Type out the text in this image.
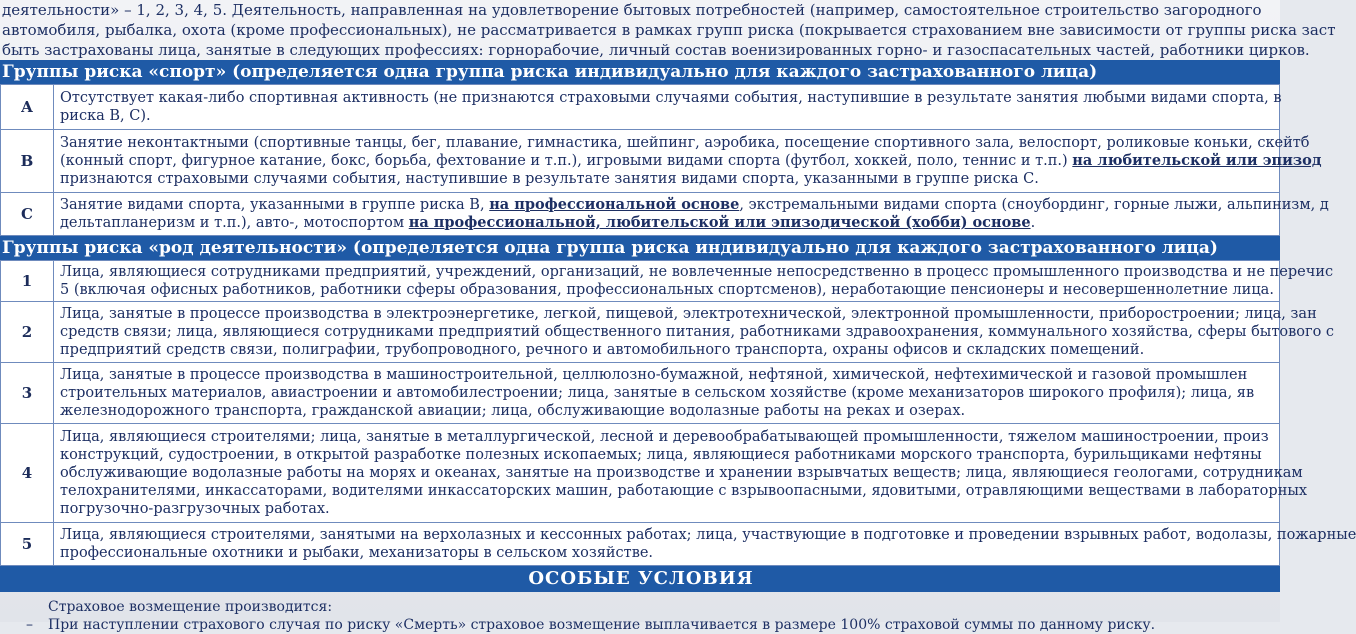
деятельности» – 1, 2, 3, 4, 5. Деятельность, направленная на удовлетворение бытовых потребностей (например, самостоятельное строительство загородного
автомобиля, рыбалка, охота (кроме профессиональных), не рассматривается в рамках групп риска (покрывается страхованием вне зависимости от группы риска заст
быть застрахованы лица, занятые в следующих профессиях: горнорабочие, личный состав военизированных горно- и газоспасательных частей, работники цирков.
Группы риска «спорт» (определяется одна группа риска индивидуально для каждого застрахованного лица)
A	Отсутствует какая-либо спортивная активность (не признаются страховыми случаями события, наступившие в результате занятия любыми видами спорта, в
риска В, С).

B	Занятие неконтактными (спортивные танцы, бег, плавание, гимнастика, шейпинг, аэробика, посещение спортивного зала, велоспорт, роликовые коньки, скейтб
(конный спорт, фигурное катание, бокс, борьба, фехтование и т.п.), игровыми видами спорта (футбол, хоккей, поло, теннис и т.п.) на любительской или эпизод
признаются страховыми случаями события, наступившие в результате занятия видами спорта, указанными в группе риска С.

C	Занятие видами спорта, указанными в группе риска B, на профессиональной основе, экстремальными видами спорта (сноубординг, горные лыжи, альпинизм, д
дельтапланеризм и т.п.), авто-, мотоспортом на профессиональной, любительской или эпизодической (хобби) основе.
Группы риска «род деятельности» (определяется одна группа риска индивидуально для каждого застрахованного лица)
1	Лица, являющиеся сотрудниками предприятий, учреждений, организаций, не вовлеченные непосредственно в процесс промышленного производства и не перечис
5 (включая офисных работников, работники сферы образования, профессиональных спортсменов), неработающие пенсионеры и несовершеннолетние лица.

2	Лица, занятые в процессе производства в электроэнергетике, легкой, пищевой, электротехнической, электронной промышленности, приборостроении; лица, зан
средств связи; лица, являющиеся сотрудниками предприятий общественного питания, работниками здравоохранения, коммунального хозяйства, сферы бытового с
предприятий средств связи, полиграфии, трубопроводного, речного и автомобильного транспорта, охраны офисов и складских помещений.

3	Лица, занятые в процессе производства в машиностроительной, целлюлозно-бумажной, нефтяной, химической, нефтехимической и газовой промышлен
строительных материалов, авиастроении и автомобилестроении; лица, занятые в сельском хозяйстве (кроме механизаторов широкого профиля); лица, яв
железнодорожного транспорта, гражданской авиации; лица, обслуживающие водолазные работы на реках и озерах.

4	Лица, являющиеся строителями; лица, занятые в металлургической, лесной и деревообрабатывающей промышленности, тяжелом машиностроении, произ
конструкций, судостроении, в открытой разработке полезных ископаемых; лица, являющиеся работниками морского транспорта, бурильщиками нефтяны
обслуживающие водолазные работы на морях и океанах, занятые на производстве и хранении взрывчатых веществ; лица, являющиеся геологами, сотрудникам
телохранителями, инкассаторами, водителями инкассаторских машин, работающие с взрывоопасными, ядовитыми, отравляющими веществами в лабораторных
погрузочно-разгрузочных работах.

5	Лица, являющиеся строителями, занятыми на верхолазных и кессонных работах; лица, участвующие в подготовке и проведении взрывных работ, водолазы, пожарные
профессиональные охотники и рыбаки, механизаторы в сельском хозяйстве.
ОСОБЫЕ УСЛОВИЯ
Страховое возмещение производится:
– При наступлении страхового случая по риску «Смерть» страховое возмещение выплачивается в размере 100% страховой суммы по данному риску.
